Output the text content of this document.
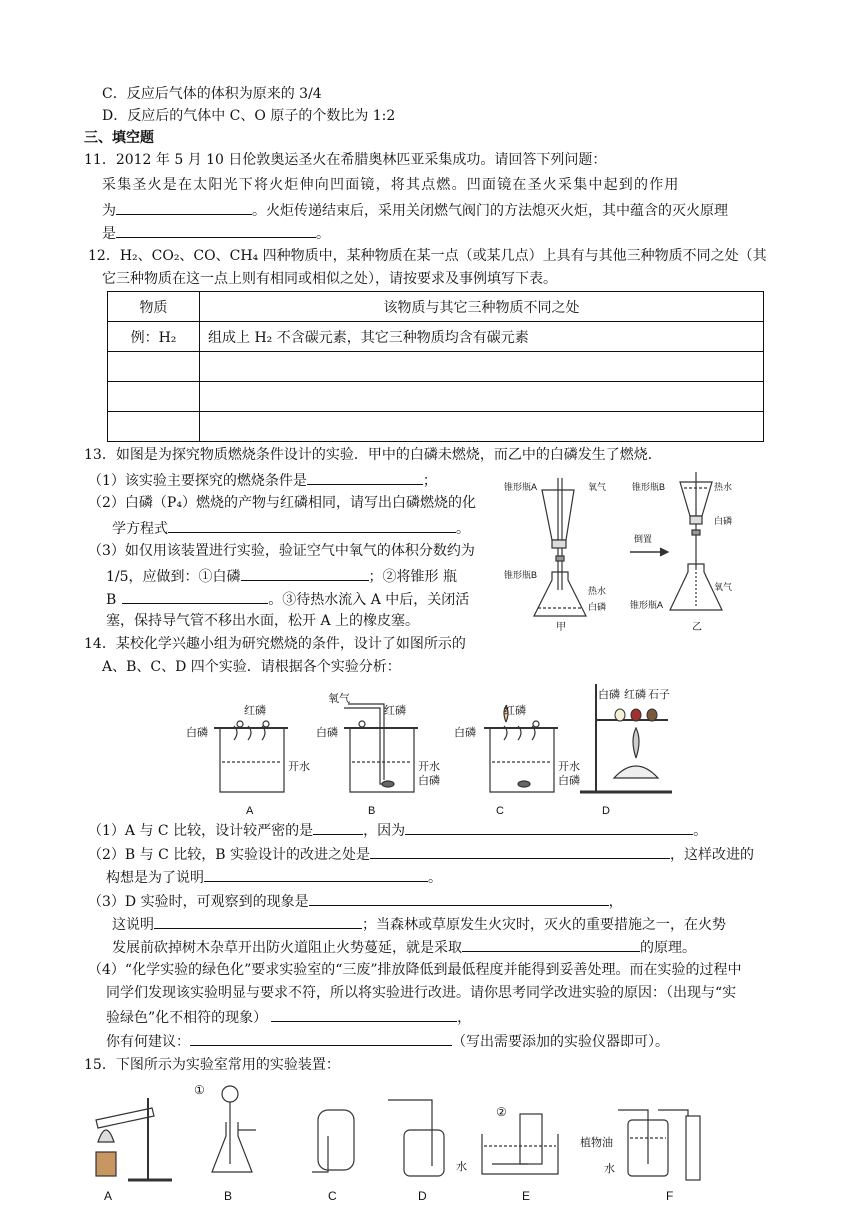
C．反应后气体的体积为原来的 3/4
D．反应后的气体中 C、O 原子的个数比为 1:2
三、填空题
11．2012 年 5 月 10 日伦敦奥运圣火在希腊奥林匹亚采集成功。请回答下列问题：
采集圣火是在太阳光下将火炬伸向凹面镜，将其点燃。凹面镜在圣火采集中起到的作用
为	。火炬传递结束后，采用关闭燃气阀门的方法熄灭火炬，其中蕴含的灭火原理
是	。
12．H₂、CO₂、CO、CH₄ 四种物质中，某种物质在某一点（或某几点）上具有与其他三种物质不同之处（其
它三种物质在这一点上则有相同或相似之处），请按要求及事例填写下表。
物质	该物质与其它三种物质不同之处
例：H₂	组成上 H₂ 不含碳元素，其它三种物质均含有碳元素

13．如图是为探究物质燃烧条件设计的实验．甲中的白磷未燃烧，而乙中的白磷发生了燃烧．
（1）该实验主要探究的燃烧条件是	；
（2）白磷（P₄）燃烧的产物与红磷相同，请写出白磷燃烧的化
学方程式	。
（3）如仅用该装置进行实验，验证空气中氧气的体积分数约为
1/5，应做到：①白磷	；②将锥形 瓶
B	。③待热水流入 A 中后，关闭活
塞，保持导气管不移出水面，松开 A 上的橡皮塞。
锥形瓶A	氧气
热水
白磷
锥形瓶B
倒置
锥形瓶B	热水
白磷
氧气
锥形瓶A
甲	乙
14．某校化学兴趣小组为研究燃烧的条件，设计了如图所示的
A、B、C、D 四个实验．请根据各个实验分析：
红磷
白磷
开水
氧气
红磷
白磷
开水
白磷
红磷
白磷
开水
白磷
白磷 红磷 石子
A	B	C	D
（1）A 与 C 比较，设计较严密的是	，因为	。
（2）B 与 C 比较，B 实验设计的改进之处是	，这样改进的
构想是为了说明	。
（3）D 实验时，可观察到的现象是	，
这说明	；当森林或草原发生火灾时，灭火的重要措施之一，在火势
发展前砍掉树木杂草开出防火道阻止火势蔓延，就是采取	的原理。
（4）“化学实验的绿色化”要求实验室的“三废”排放降低到最低程度并能得到妥善处理。而在实验的过程中
同学们发现该实验明显与要求不符，所以将实验进行改进。请你思考同学改进实验的原因：（出现与“实
验绿色”化不相符的现象）	，
你有何建议：	（写出需要添加的实验仪器即可）。
15．下图所示为实验室常用的实验装置：
①
②
水
植物油
水
A	B	C	D	E	F
